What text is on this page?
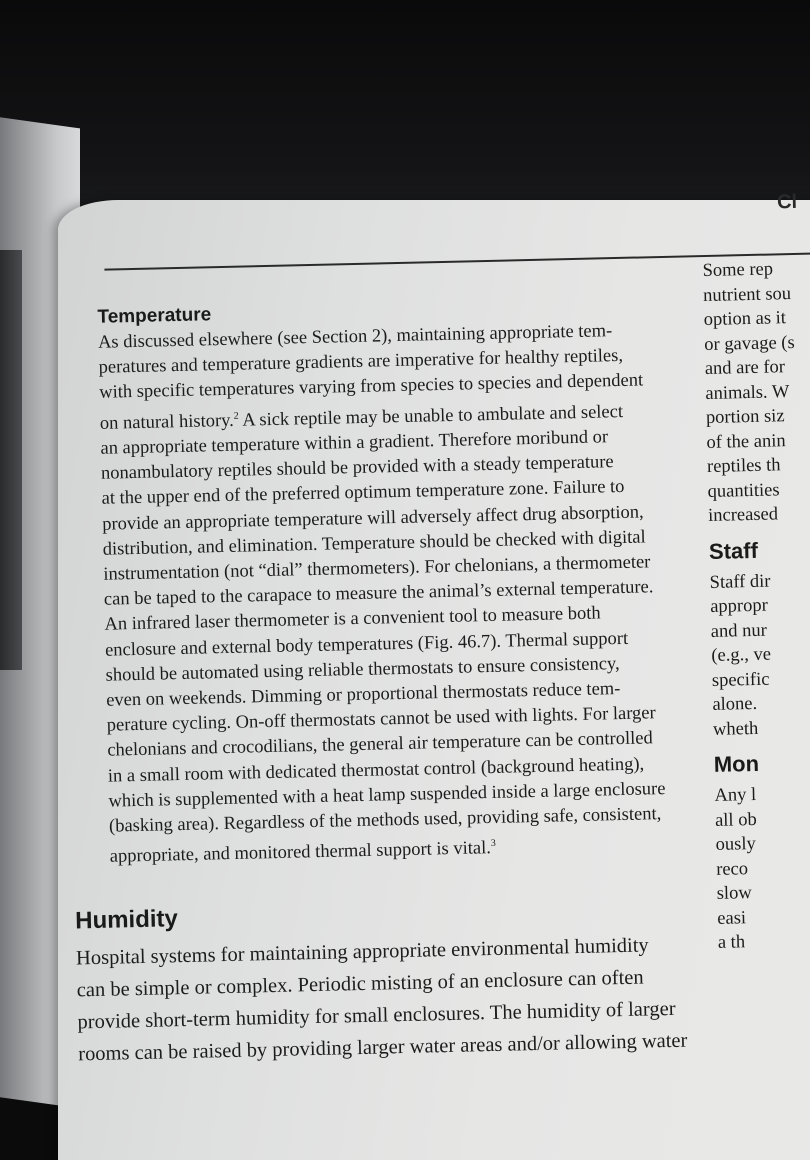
Cl
Temperature
As discussed elsewhere (see Section 2), maintaining appropriate tem-
peratures and temperature gradients are imperative for healthy reptiles,
with specific temperatures varying from species to species and dependent
on natural history.$^2$ A sick reptile may be unable to ambulate and select
an appropriate temperature within a gradient. Therefore moribund or
nonambulatory reptiles should be provided with a steady temperature
at the upper end of the preferred optimum temperature zone. Failure to
provide an appropriate temperature will adversely affect drug absorption,
distribution, and elimination. Temperature should be checked with digital
instrumentation (not “dial” thermometers). For chelonians, a thermometer
can be taped to the carapace to measure the animal’s external temperature.
An infrared laser thermometer is a convenient tool to measure both
enclosure and external body temperatures (Fig. 46.7). Thermal support
should be automated using reliable thermostats to ensure consistency,
even on weekends. Dimming or proportional thermostats reduce tem-
perature cycling. On-off thermostats cannot be used with lights. For larger
chelonians and crocodilians, the general air temperature can be controlled
in a small room with dedicated thermostat control (background heating),
which is supplemented with a heat lamp suspended inside a large enclosure
(basking area). Regardless of the methods used, providing safe, consistent,
appropriate, and monitored thermal support is vital.$^3$
Humidity
Hospital systems for maintaining appropriate environmental humidity
can be simple or complex. Periodic misting of an enclosure can often
provide short-term humidity for small enclosures. The humidity of larger
rooms can be raised by providing larger water areas and/or allowing water
Some rep
nutrient sou
option as it
or gavage (s
and are for
animals. W
portion siz
of the anin
reptiles th
quantities
increased
Staff
Staff dir
appropr
and nur
(e.g., ve
specific
alone.
wheth
Mon
Any l
all ob
ously
reco
slow
easi
a th
